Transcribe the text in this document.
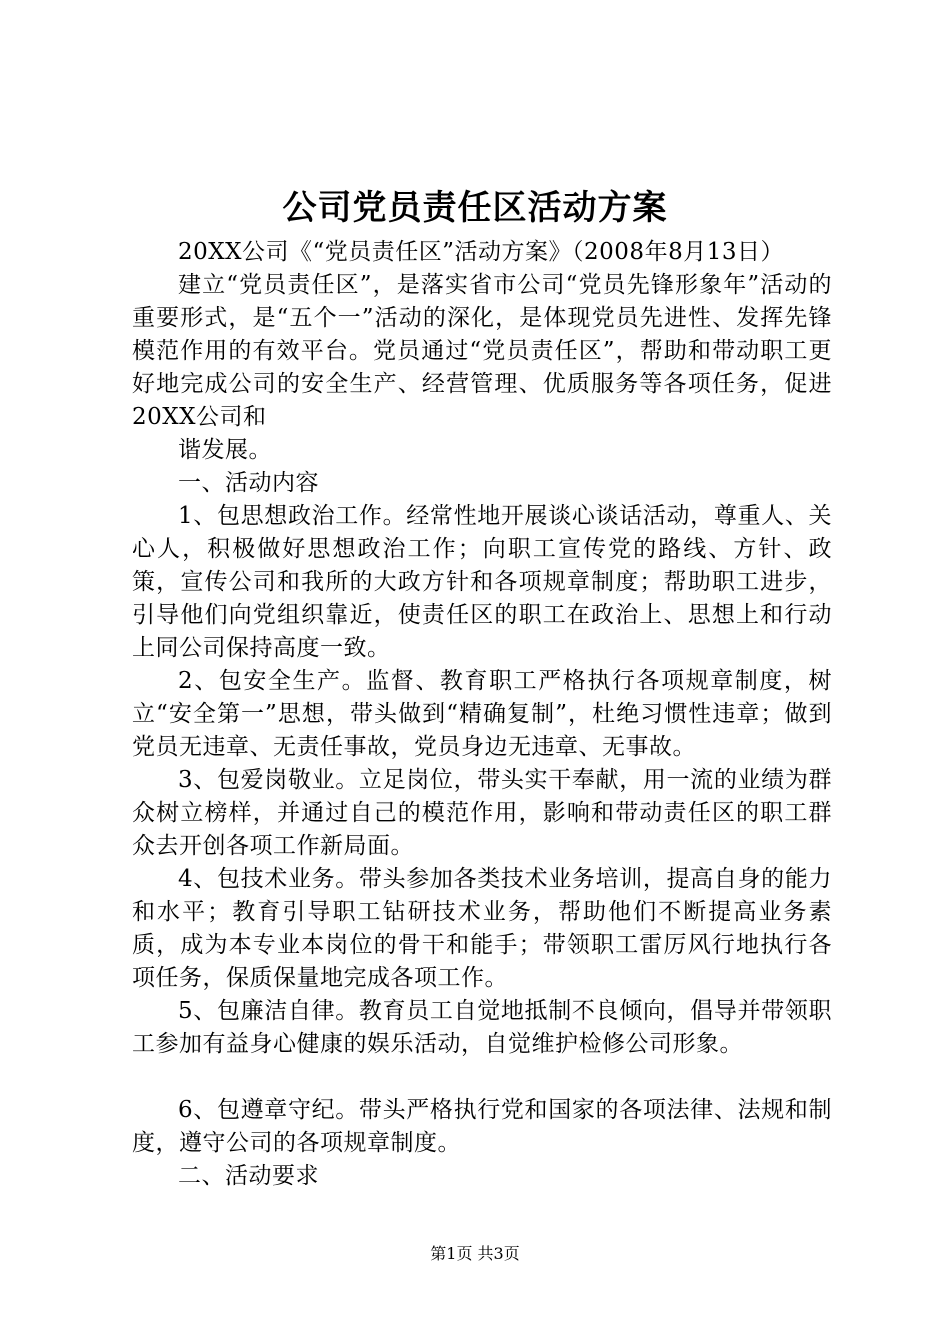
公司党员责任区活动方案

20XX公司《“党员责任区”活动方案》（2008年8月13日）

建立“党员责任区”，是落实省市公司“党员先锋形象年”活动的重要形式，是“五个一”活动的深化，是体现党员先进性、发挥先锋模范作用的有效平台。党员通过“党员责任区”，帮助和带动职工更好地完成公司的安全生产、经营管理、优质服务等各项任务，促进20XX公司和

谐发展。

一、活动内容

1、包思想政治工作。经常性地开展谈心谈话活动，尊重人、关心人，积极做好思想政治工作；向职工宣传党的路线、方针、政策，宣传公司和我所的大政方针和各项规章制度；帮助职工进步，引导他们向党组织靠近，使责任区的职工在政治上、思想上和行动上同公司保持高度一致。

2、包安全生产。监督、教育职工严格执行各项规章制度，树立“安全第一”思想，带头做到“精确复制”，杜绝习惯性违章；做到党员无违章、无责任事故，党员身边无违章、无事故。

3、包爱岗敬业。立足岗位，带头实干奉献，用一流的业绩为群众树立榜样，并通过自己的模范作用，影响和带动责任区的职工群众去开创各项工作新局面。

4、包技术业务。带头参加各类技术业务培训，提高自身的能力和水平；教育引导职工钻研技术业务，帮助他们不断提高业务素质，成为本专业本岗位的骨干和能手；带领职工雷厉风行地执行各项任务，保质保量地完成各项工作。

5、包廉洁自律。教育员工自觉地抵制不良倾向，倡导并带领职工参加有益身心健康的娱乐活动，自觉维护检修公司形象。

6、包遵章守纪。带头严格执行党和国家的各项法律、法规和制度，遵守公司的各项规章制度。

二、活动要求

第1页 共3页
